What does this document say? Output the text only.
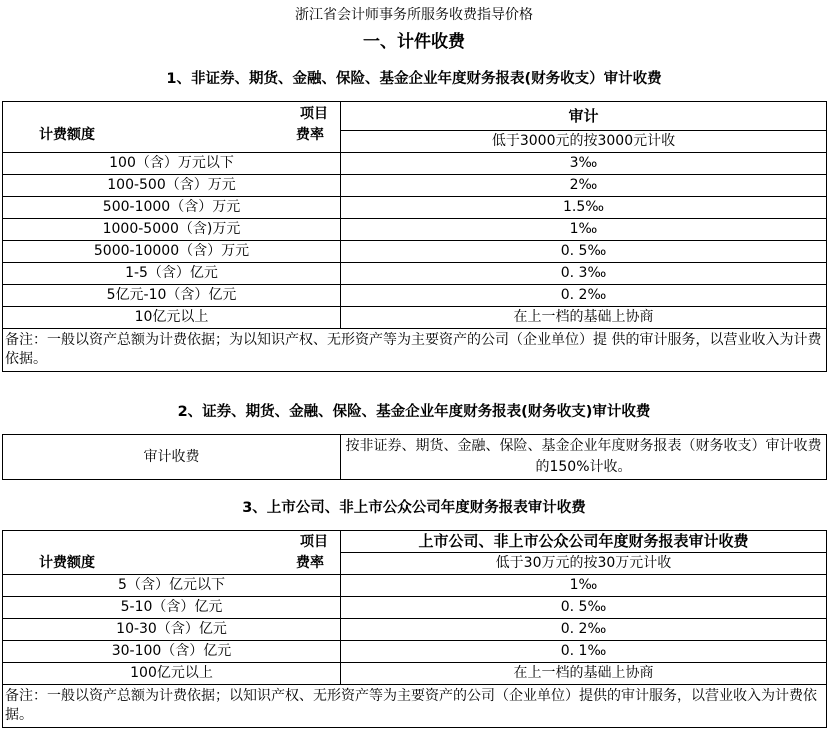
浙江省会计师事务所服务收费指导价格
一、计件收费
1、非证券、期货、金融、保险、基金企业年度财务报表(财务收支）审计收费
项目
费率
计费额度	审计
	低于3000元的按3000元计收
100（含）万元以下	3‰
100-500（含）万元	2‰
500-1000（含）万元	1.5‰
1000-5000（含)万元	1‰
5000-10000（含）万元	0. 5‰
1-5（含）亿元	0. 3‰
5亿元-10（含）亿元	0. 2‰
10亿元以上	在上一档的基础上协商
备注：一般以资产总额为计费依据；为以知识产权、无形资产等为主要资产的公司（企业单位）提 供的审计服务，以营业收入为计费依据。	
2、证券、期货、金融、保险、基金企业年度财务报表(财务收支)审计收费
审计收费	按非证券、期货、金融、保险、基金企业年度财务报表（财务收支）审计收费的150%计收。
3、上市公司、非上市公众公司年度财务报表审计收费
项目
费率
计费额度	上市公司、非上市公众公司年度财务报表审计收费
	低于30万元的按30万元计收
5（含）亿元以下	1‰
5-10（含）亿元	0. 5‰
10-30（含）亿元	0. 2‰
30-100（含）亿元	0. 1‰
100亿元以上	在上一档的基础上协商
备注：一般以资产总额为计费依据；以知识产权、无形资产等为主要资产的公司（企业单位）提供的审计服务，以营业收入为计费依据。	
